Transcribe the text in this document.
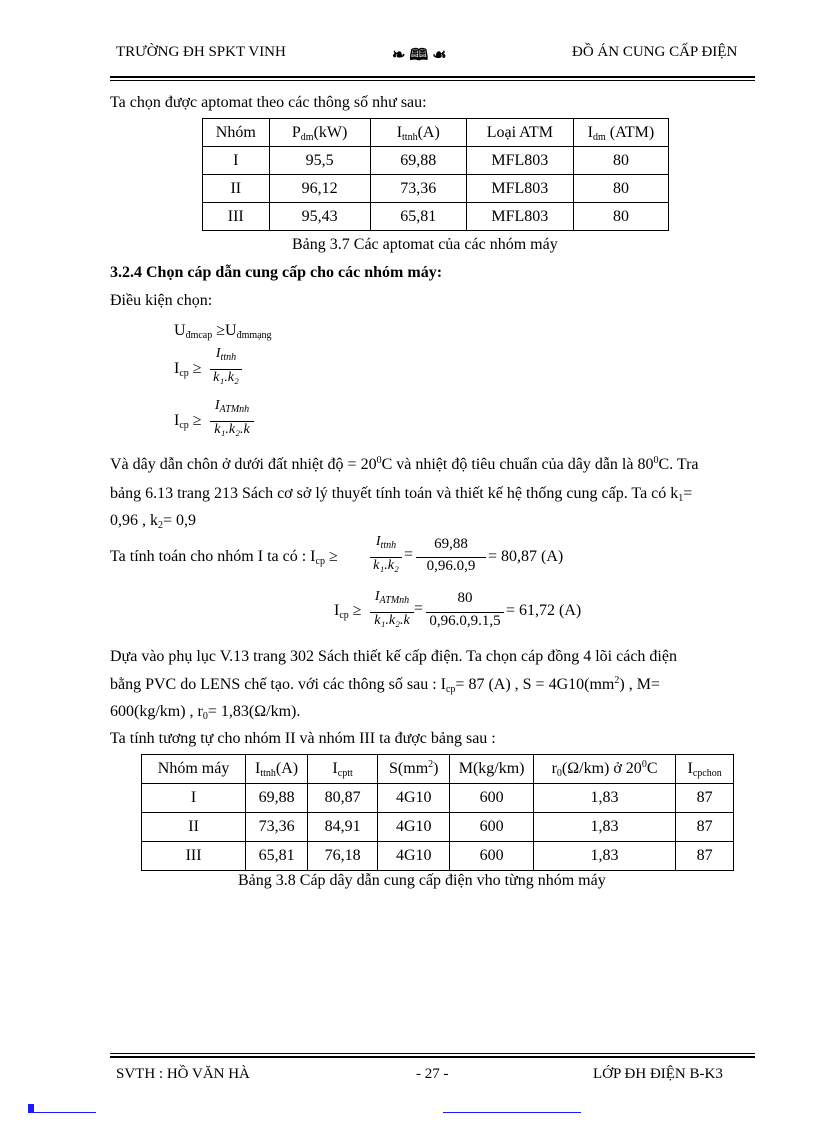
TRƯỜNG ĐH SPKT VINH	❧ 🕮 ☙	ĐỒ ÁN CUNG CẤP ĐIỆN
Ta chọn được aptomat theo các thông số như sau:
Nhóm	$P_{dm}(kW)$	$I_{ttnh}(A)$	Loại ATM	$I_{dm}$ (ATM)
I	95,5	69,88	MFL803	80
II	96,12	73,36	MFL803	80
III	95,43	65,81	MFL803	80
Bảng 3.7 Các aptomat của các nhóm máy
3.2.4 Chọn cáp dẫn cung cấp cho các nhóm máy:
Điều kiện chọn:
$U_{đmcap} \ge U_{đmmạng}$
$I_{cp}$ ≥
$I_{ttnh}$
k₁.k₂
$I_{cp}$ ≥
$I_{ATMnh}$
k₁.k₂.k
Và dây dẫn chôn ở dưới đất nhiệt độ = $20^0C$ và nhiệt độ tiêu chuẩn của dây dẫn là $80^0C$. Tra
bảng 6.13 trang 213 Sách cơ sở lý thuyết tính toán và thiết kế hệ thống cung cấp. Ta có $k_1=$
0,96 , $k_2= 0,9$
Ta tính toán cho nhóm I ta có : $I_{cp}$ ≥
$I_{ttnh}$
k₁.k₂
=
69,88
0,96.0,9
= 80,87 (A)
$I_{cp}$ ≥
$I_{ATMnh}$
k₁.k₂.k
=
80
0,96.0,9.1,5
= 61,72 (A)
Dựa vào phụ lục V.13 trang 302 Sách thiết kế cấp điện. Ta chọn cáp đồng 4 lõi cách điện
bằng PVC do LENS chế tạo. với các thông số sau : $I_{cp}= 87$ (A) , $S = 4G10(mm^2)$ , M=
600(kg/km) , $r_0= 1,83(\Omega/km)$.
Ta tính tương tự cho nhóm II và nhóm III ta được bảng sau :
Nhóm máy	$I_{ttnh}(A)$	$I_{cptt}$	$S(mm^2)$	M(kg/km)	$r_0(\Omega/km)$ ở $20^0C$	$I_{cpchon}$
I	69,88	80,87	4G10	600	1,83	87
II	73,36	84,91	4G10	600	1,83	87
III	65,81	76,18	4G10	600	1,83	87
Bảng 3.8 Cáp dây dẫn cung cấp điện vho từng nhóm máy
SVTH : HỒ VĂN HÀ	- 27 -	LỚP ĐH ĐIỆN B-K3
